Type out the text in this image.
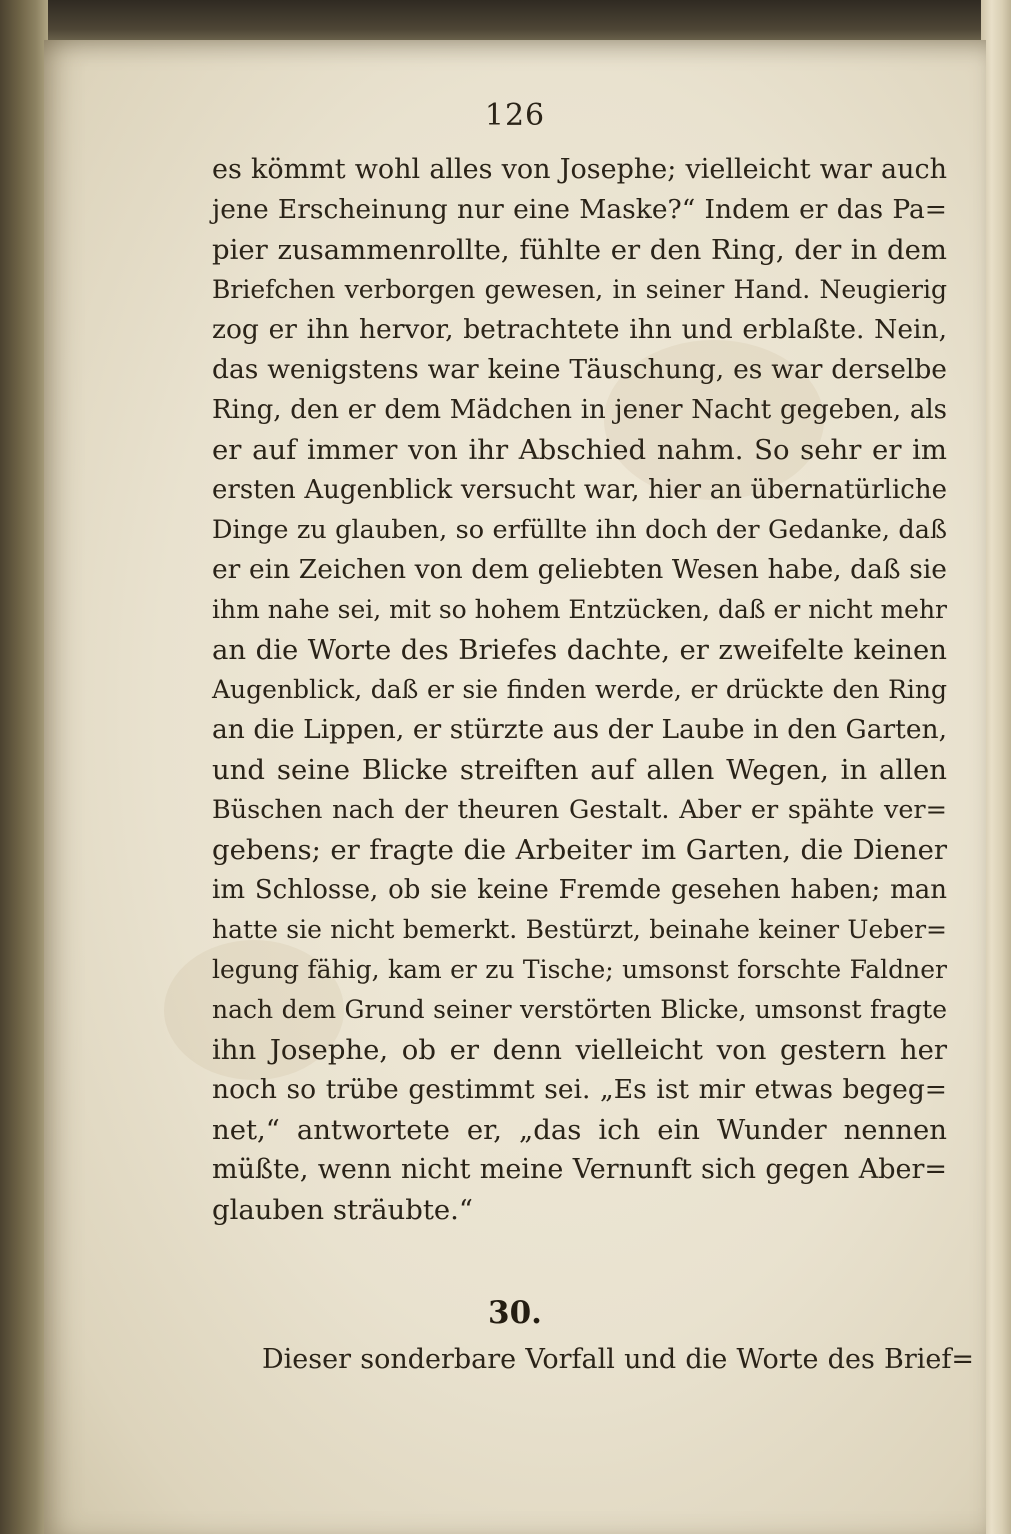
126
es kömmt wohl alles von Josephe; vielleicht war auch
jene Erscheinung nur eine Maske?“ Indem er das Pa=
pier zusammenrollte, fühlte er den Ring, der in dem
Briefchen verborgen gewesen, in seiner Hand. Neugierig
zog er ihn hervor, betrachtete ihn und erblaßte. Nein,
das wenigstens war keine Täuschung, es war derselbe
Ring, den er dem Mädchen in jener Nacht gegeben, als
er auf immer von ihr Abschied nahm. So sehr er im
ersten Augenblick versucht war, hier an übernatürliche
Dinge zu glauben, so erfüllte ihn doch der Gedanke, daß
er ein Zeichen von dem geliebten Wesen habe, daß sie
ihm nahe sei, mit so hohem Entzücken, daß er nicht mehr
an die Worte des Briefes dachte, er zweifelte keinen
Augenblick, daß er sie finden werde, er drückte den Ring
an die Lippen, er stürzte aus der Laube in den Garten,
und seine Blicke streiften auf allen Wegen, in allen
Büschen nach der theuren Gestalt. Aber er spähte ver=
gebens; er fragte die Arbeiter im Garten, die Diener
im Schlosse, ob sie keine Fremde gesehen haben; man
hatte sie nicht bemerkt. Bestürzt, beinahe keiner Ueber=
legung fähig, kam er zu Tische; umsonst forschte Faldner
nach dem Grund seiner verstörten Blicke, umsonst fragte
ihn Josephe, ob er denn vielleicht von gestern her
noch so trübe gestimmt sei. „Es ist mir etwas begeg=
net,“ antwortete er, „das ich ein Wunder nennen
müßte, wenn nicht meine Vernunft sich gegen Aber=
glauben sträubte.“
30.
Dieser sonderbare Vorfall und die Worte des Brief=
